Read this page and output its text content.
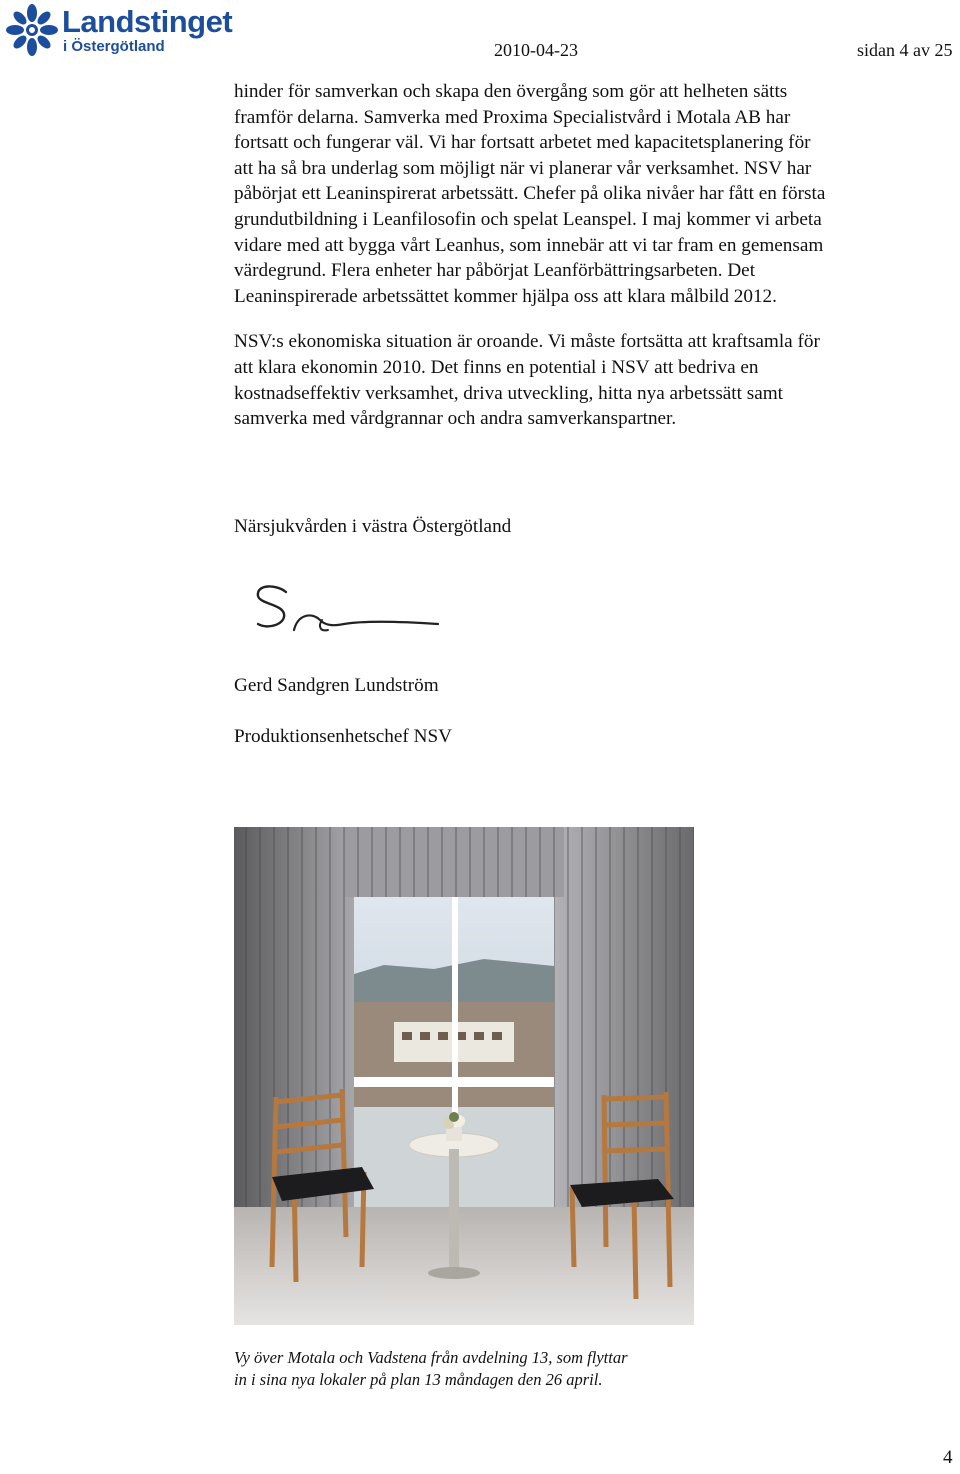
Landstinget
i Östergötland	2010-04-23	sidan 4 av 25

hinder för samverkan och skapa den övergång som gör att helheten sätts
framför delarna. Samverka med Proxima Specialistvård i Motala AB har
fortsatt och fungerar väl. Vi har fortsatt arbetet med kapacitetsplanering för
att ha så bra underlag som möjligt när vi planerar vår verksamhet. NSV har
påbörjat ett Leaninspirerat arbetssätt. Chefer på olika nivåer har fått en första
grundutbildning i Leanfilosofin och spelat Leanspel. I maj kommer vi arbeta
vidare med att bygga vårt Leanhus, som innebär att vi tar fram en gemensam
värdegrund. Flera enheter har påbörjat Leanförbättringsarbeten. Det
Leaninspirerade arbetssättet kommer hjälpa oss att klara målbild 2012.

NSV:s ekonomiska situation är oroande. Vi måste fortsätta att kraftsamla för
att klara ekonomin 2010. Det finns en potential i NSV att bedriva en
kostnadseffektiv verksamhet, driva utveckling, hitta nya arbetssätt samt
samverka med vårdgrannar och andra samverkanspartner.

Närsjukvården i västra Östergötland
Gerd Sandgren Lundström
Produktionsenhetschef NSV
Vy över Motala och Vadstena från avdelning 13, som flyttar
in i sina nya lokaler på plan 13 måndagen den 26 april.
4
